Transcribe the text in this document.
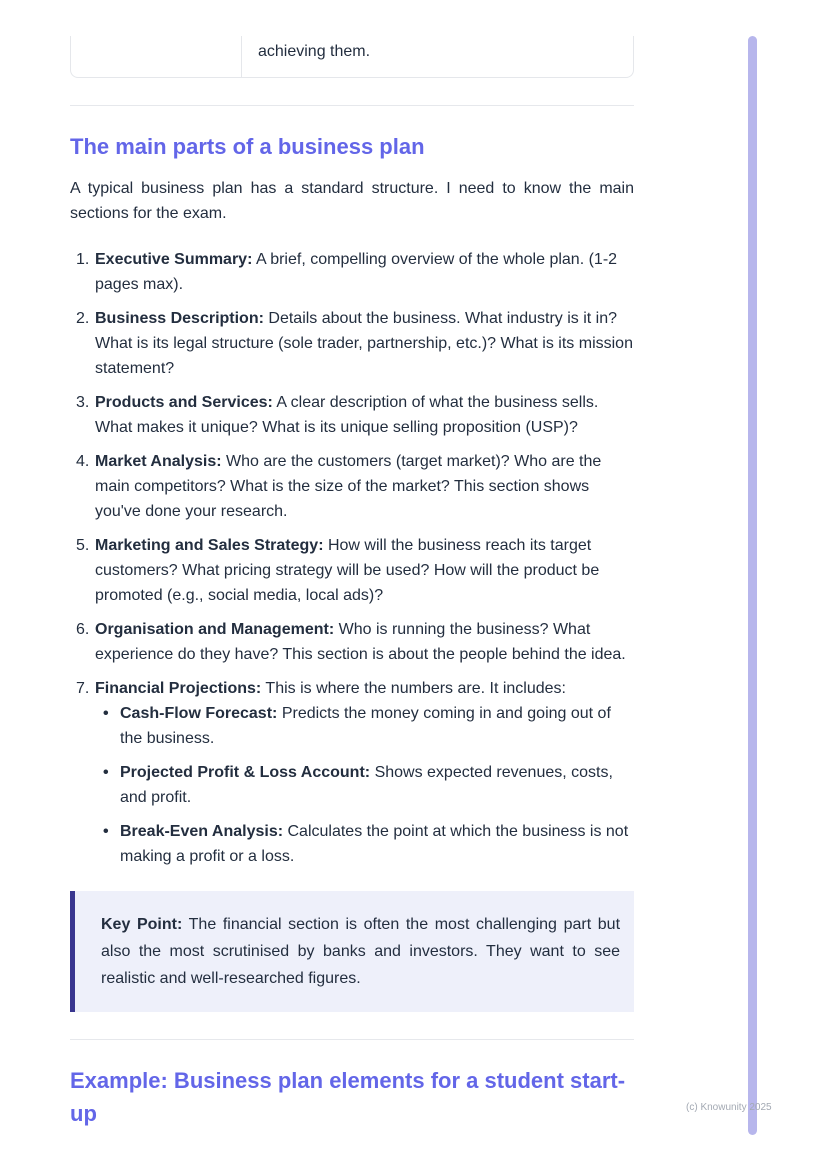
achieving them.
The main parts of a business plan

A typical business plan has a standard structure. I need to know the main sections for the exam.

1. Executive Summary: A brief, compelling overview of the whole plan. (1-2 pages max).
2. Business Description: Details about the business. What industry is it in? What is its legal structure (sole trader, partnership, etc.)? What is its mission statement?
3. Products and Services: A clear description of what the business sells. What makes it unique? What is its unique selling proposition (USP)?
4. Market Analysis: Who are the customers (target market)? Who are the main competitors? What is the size of the market? This section shows you've done your research.
5. Marketing and Sales Strategy: How will the business reach its target customers? What pricing strategy will be used? How will the product be promoted (e.g., social media, local ads)?
6. Organisation and Management: Who is running the business? What experience do they have? This section is about the people behind the idea.
7. Financial Projections: This is where the numbers are. It includes:
• Cash-Flow Forecast: Predicts the money coming in and going out of the business.
• Projected Profit & Loss Account: Shows expected revenues, costs, and profit.
• Break-Even Analysis: Calculates the point at which the business is not making a profit or a loss.
Key Point: The financial section is often the most challenging part but also the most scrutinised by banks and investors. They want to see realistic and well-researched figures.
Example: Business plan elements for a student start-up	(c) Knowunity 2025
